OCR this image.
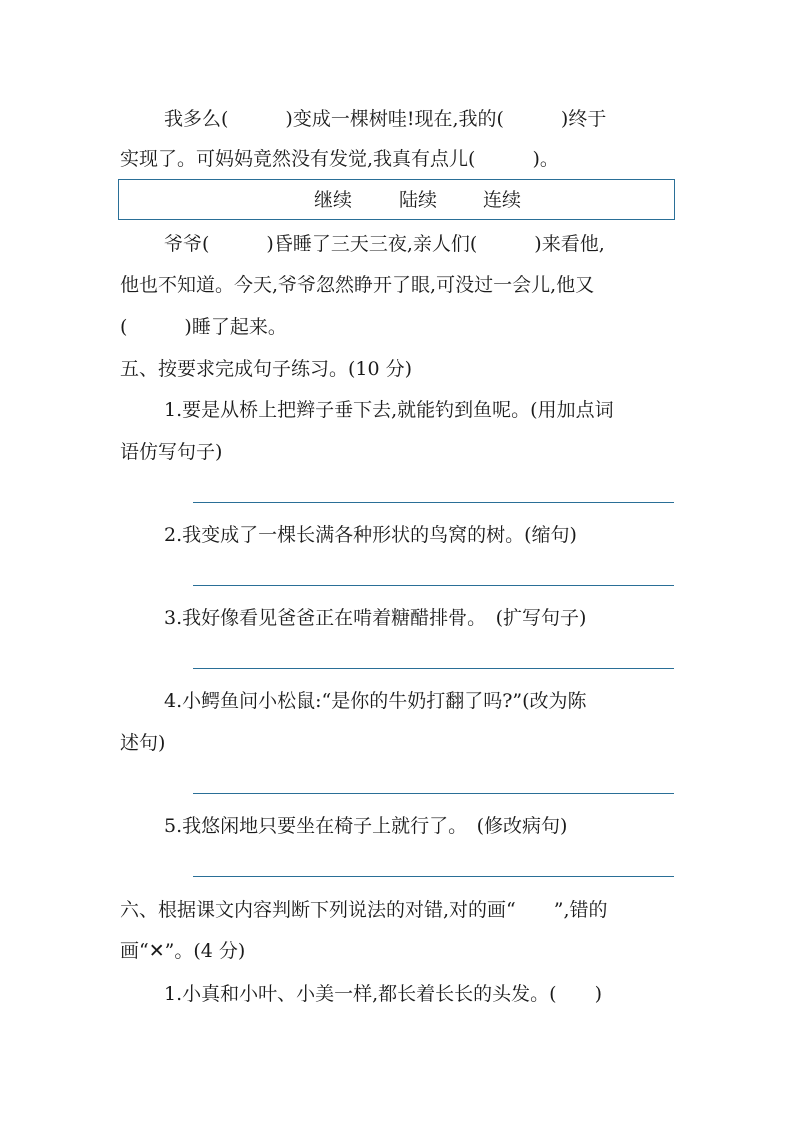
我多么(　　　)变成一棵树哇!现在,我的(　　　)终于
实现了。可妈妈竟然没有发觉,我真有点儿(　　　)。
继续 陆续 连续
爷爷(　　　)昏睡了三天三夜,亲人们(　　　)来看他,
他也不知道。今天,爷爷忽然睁开了眼,可没过一会儿,他又
(　　　)睡了起来。
五、按要求完成句子练习。(10 分)
1.要是从桥上把辫子垂下去,就能钓到鱼呢。(用加点词
语仿写句子)
2.我变成了一棵长满各种形状的鸟窝的树。(缩句)
3.我好像看见爸爸正在啃着糖醋排骨。　(扩写句子)
4.小鳄鱼问小松鼠:“是你的牛奶打翻了吗?”(改为陈
述句)
5.我悠闲地只要坐在椅子上就行了。　(修改病句)
六、根据课文内容判断下列说法的对错,对的画“　　”,错的
画“✕”。(4 分)
1.小真和小叶、小美一样,都长着长长的头发。(　　)
